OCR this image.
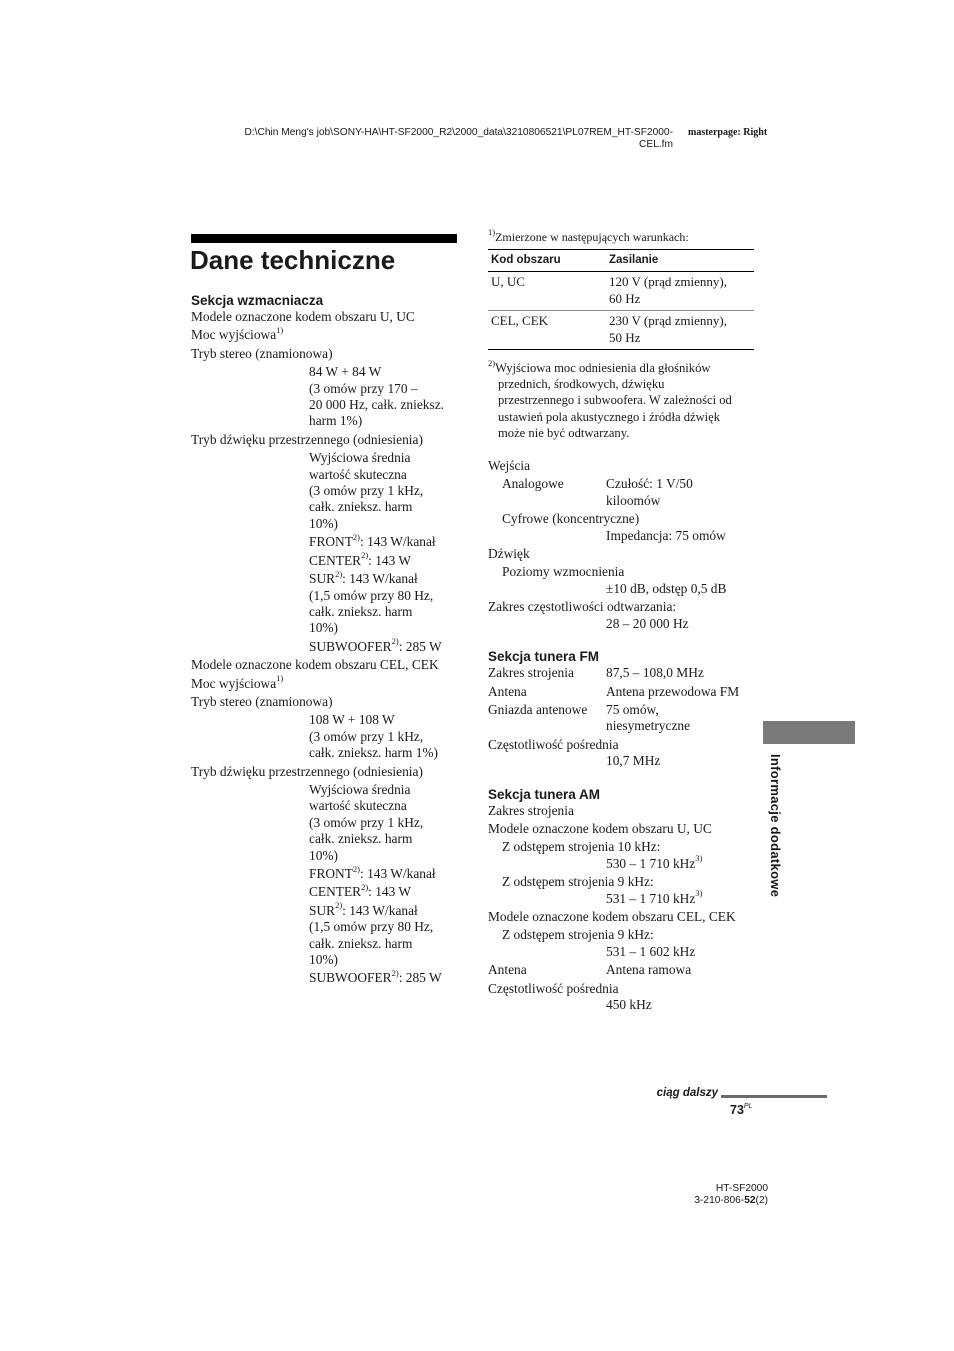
D:\Chin Meng's job\SONY-HA\HT-SF2000_R2\2000_data\3210806521\PL07REM_HT-SF2000-
CEL.fm
masterpage: Right
Dane techniczne
Sekcja wzmacniacza
Modele oznaczone kodem obszaru U, UC
Moc wyjściowa$^{1)}$
Tryb stereo (znamionowa)
84 W + 84 W
(3 omów przy 170 –
20 000 Hz, całk. znieksz.
harm 1%)
Tryb dźwięku przestrzennego (odniesienia)
Wyjściowa średnia
wartość skuteczna
(3 omów przy 1 kHz,
całk. znieksz. harm
10%)
FRONT$^{2)}$: 143 W/kanał
CENTER$^{2)}$: 143 W
SUR$^{2)}$: 143 W/kanał
(1,5 omów przy 80 Hz,
całk. znieksz. harm
10%)
SUBWOOFER$^{2)}$: 285 W
Modele oznaczone kodem obszaru CEL, CEK
Moc wyjściowa$^{1)}$
Tryb stereo (znamionowa)
108 W + 108 W
(3 omów przy 1 kHz,
całk. znieksz. harm 1%)
Tryb dźwięku przestrzennego (odniesienia)
Wyjściowa średnia
wartość skuteczna
(3 omów przy 1 kHz,
całk. znieksz. harm
10%)
FRONT$^{2)}$: 143 W/kanał
CENTER$^{2)}$: 143 W
SUR$^{2)}$: 143 W/kanał
(1,5 omów przy 80 Hz,
całk. znieksz. harm
10%)
SUBWOOFER$^{2)}$: 285 W
$^{1)}$Zmierzone w następujących warunkach:
Kod obszaru	Zasilanie
U, UC	120 V (prąd zmienny),
60 Hz
CEL, CEK	230 V (prąd zmienny),
50 Hz
$^{2)}$Wyjściowa moc odniesienia dla głośników
przednich, środkowych, dźwięku
przestrzennego i subwoofera. W zależności od
ustawień pola akustycznego i źródła dźwięk
może nie być odtwarzany.
Wejścia
Analogowe	Czułość: 1 V/50
kiloomów
Cyfrowe (koncentryczne)
Impedancja: 75 omów
Dźwięk
Poziomy wzmocnienia
±10 dB, odstęp 0,5 dB
Zakres częstotliwości odtwarzania:
28 – 20 000 Hz
Sekcja tunera FM
Zakres strojenia	87,5 – 108,0 MHz
Antena	Antena przewodowa FM
Gniazda antenowe	75 omów,
niesymetryczne
Częstotliwość pośrednia
10,7 MHz
Sekcja tunera AM
Zakres strojenia
Modele oznaczone kodem obszaru U, UC
Z odstępem strojenia 10 kHz:
530 – 1 710 kHz$^{3)}$
Z odstępem strojenia 9 kHz:
531 – 1 710 kHz$^{3)}$
Modele oznaczone kodem obszaru CEL, CEK
Z odstępem strojenia 9 kHz:
531 – 1 602 kHz
Antena	Antena ramowa
Częstotliwość pośrednia
450 kHz
Informacje dodatkowe
ciąg dalszy
$73^{PL}$
HT-SF2000
3-210-806-52(2)
